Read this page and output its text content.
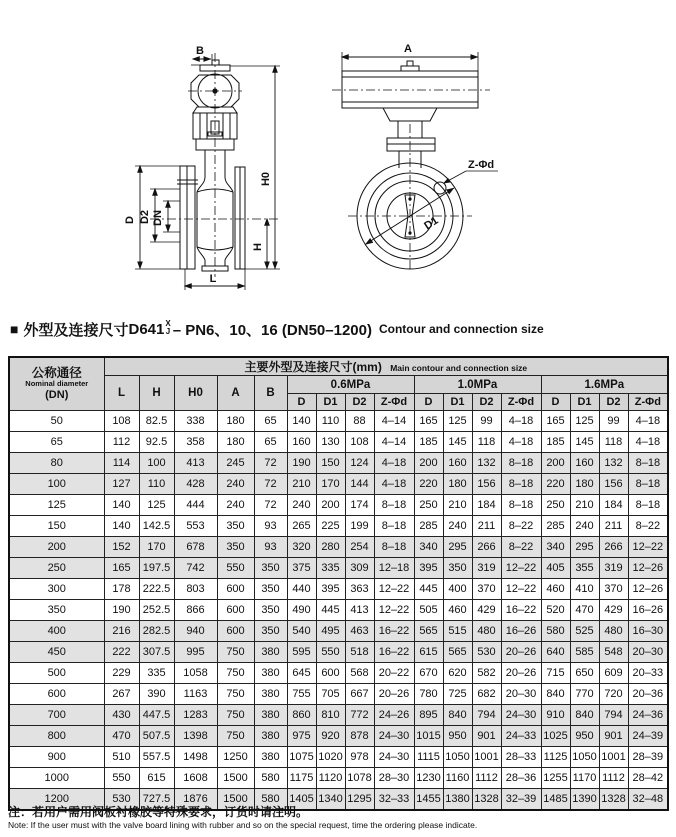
B
H0
H
D D2 DN
L
A
D1
Z-Φd
■ 外型及连接尺寸 D641 X
J – PN6、10、16 (DN50–1200) Contour and connection size
公称通径
Nominal diameter
(DN)	主要外型及连接尺寸(mm) Main contour and connection size																
	L	H	H0	A	B	0.6MPa				1.0MPa				1.6MPa			
						D	D1	D2	Z-Φd	D	D1	D2	Z-Φd	D	D1	D2	Z-Φd
50	108	82.5	338	180	65	140	110	88	4–14	165	125	99	4–18	165	125	99	4–18
65	112	92.5	358	180	65	160	130	108	4–14	185	145	118	4–18	185	145	118	4–18
80	114	100	413	245	72	190	150	124	4–18	200	160	132	8–18	200	160	132	8–18
100	127	110	428	240	72	210	170	144	4–18	220	180	156	8–18	220	180	156	8–18
125	140	125	444	240	72	240	200	174	8–18	250	210	184	8–18	250	210	184	8–18
150	140	142.5	553	350	93	265	225	199	8–18	285	240	211	8–22	285	240	211	8–22
200	152	170	678	350	93	320	280	254	8–18	340	295	266	8–22	340	295	266	12–22
250	165	197.5	742	550	350	375	335	309	12–18	395	350	319	12–22	405	355	319	12–26
300	178	222.5	803	600	350	440	395	363	12–22	445	400	370	12–22	460	410	370	12–26
350	190	252.5	866	600	350	490	445	413	12–22	505	460	429	16–22	520	470	429	16–26
400	216	282.5	940	600	350	540	495	463	16–22	565	515	480	16–26	580	525	480	16–30
450	222	307.5	995	750	380	595	550	518	16–22	615	565	530	20–26	640	585	548	20–30
500	229	335	1058	750	380	645	600	568	20–22	670	620	582	20–26	715	650	609	20–33
600	267	390	1163	750	380	755	705	667	20–26	780	725	682	20–30	840	770	720	20–36
700	430	447.5	1283	750	380	860	810	772	24–26	895	840	794	24–30	910	840	794	24–36
800	470	507.5	1398	750	380	975	920	878	24–30	1015	950	901	24–33	1025	950	901	24–39
900	510	557.5	1498	1250	380	1075	1020	978	24–30	1115	1050	1001	28–33	1125	1050	1001	28–39
1000	550	615	1608	1500	580	1175	1120	1078	28–30	1230	1160	1112	28–36	1255	1170	1112	28–42
1200	530	727.5	1876	1500	580	1405	1340	1295	32–33	1455	1380	1328	32–39	1485	1390	1328	32–48
注：若用户需用阀板衬橡胶等特殊要求，订货时请注明。
Note: If the user must with the valve board lining with rubber and so on the special request, time the ordering please indicate.
